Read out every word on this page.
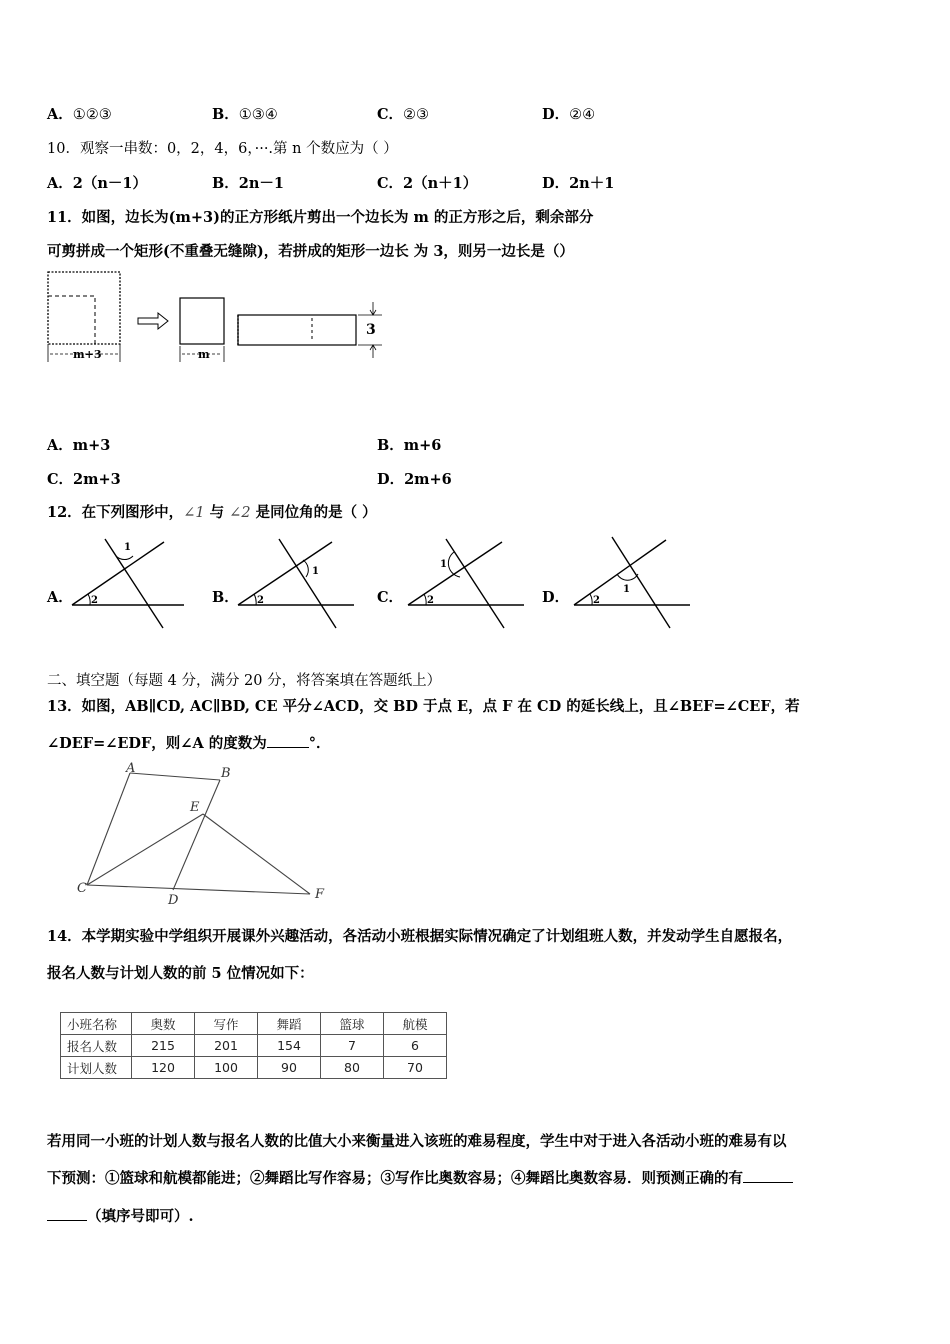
A．①②③	B．①③④	C．②③	D．②④
10．观察一串数：0，2，4，6，···.第 n 个数应为（ ）
A．2（n－1）	B．2n－1	C．2（n＋1）	D．2n＋1
11．如图，边长为(m+3)的正方形纸片剪出一个边长为 m 的正方形之后，剩余部分
可剪拼成一个矩形(不重叠无缝隙)，若拼成的矩形一边长 为 3，则另一边长是（）
m+3	m
3
A．m+3	B．m+6
C．2m+3	D．2m+6
12．在下列图形中，∠1 与 ∠2 是同位角的是（ ）
A．	B．	C．	D．
1
2
1
2
1
2
1
2
二、填空题（每题 4 分，满分 20 分，将答案填在答题纸上）
13．如图，AB∥CD, AC∥BD, CE 平分∠ACD，交 BD 于点 E，点 F 在 CD 的延长线上，且∠BEF=∠CEF，若
∠DEF=∠EDF，则∠A 的度数为	°．
A	B
C
D
E
F
14．本学期实验中学组织开展课外兴趣活动，各活动小班根据实际情况确定了计划组班人数，并发动学生自愿报名，
报名人数与计划人数的前 5 位情况如下：
小班名称	奥数	写作	舞蹈	篮球	航模
报名人数	215	201	154	7	6
计划人数	120	100	90	80	70
若用同一小班的计划人数与报名人数的比值大小来衡量进入该班的难易程度，学生中对于进入各活动小班的难易有以
下预测：①篮球和航模都能进；②舞蹈比写作容易；③写作比奥数容易；④舞蹈比奥数容易．则预测正确的有
（填序号即可）.
